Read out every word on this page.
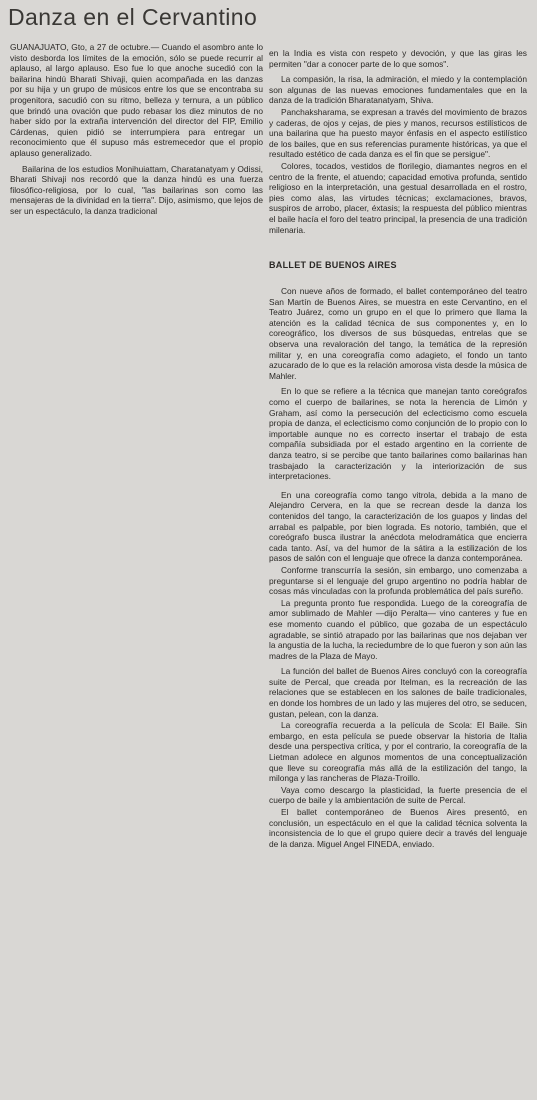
Danza en el Cervantino

GUANAJUATO, Gto, a 27 de octubre.— Cuando el asombro ante lo visto desborda los límites de la emoción, sólo se puede recurrir al aplauso, al largo aplauso. Eso fue lo que anoche sucedió con la bailarina hindú Bharati Shivaji, quien acompañada en las danzas por su hija y un grupo de músicos entre los que se encontraba su progenitora, sacudió con su ritmo, belleza y ternura, a un público que brindó una ovación que pudo rebasar los diez minutos de no haber sido por la extraña intervención del director del FIP, Emilio Cárdenas, quien pidió se interrumpiera para entregar un reconocimiento que él supuso más estremecedor que el propio aplauso generalizado.

Bailarina de los estudios Monihuiattam, Charatanatyam y Odissi, Bharati Shivaji nos recordó que la danza hindú es una fuerza filosófico-religiosa, por lo cual, "las bailarinas son como las mensajeras de la divinidad en la tierra". Dijo, asimismo, que lejos de ser un espectáculo, la danza tradicional

en la India es vista con respeto y devoción, y que las giras les permiten "dar a conocer parte de lo que somos".

La compasión, la risa, la admiración, el miedo y la contemplación son algunas de las nuevas emociones fundamentales que en la danza de la tradición Bharatanatyam, Shiva.

Panchaksharama, se expresan a través del movimiento de brazos y caderas, de ojos y cejas, de pies y manos, recursos estilísticos de una bailarina que ha puesto mayor énfasis en el aspecto estilístico de los bailes, que en sus referencias puramente históricas, ya que el resultado estético de cada danza es el fin que se persigue".

Colores, tocados, vestidos de floriIegio, diamantes negros en el centro de la frente, el atuendo; capacidad emotiva profunda, sentido religioso en la interpretación, una gestual desarrollada en el rostro, pies como alas, las virtudes técnicas; exclamaciones, bravos, suspiros de arrobo, placer, éxtasis; la respuesta del público mientras el baile hacía el foro del teatro principal, la presencia de una tradición milenaria.

BALLET DE BUENOS AIRES

Con nueve años de formado, el ballet contemporáneo del teatro San Martín de Buenos Aires, se muestra en este Cervantino, en el Teatro Juárez, como un grupo en el que lo primero que llama la atención es la calidad técnica de sus componentes y, en lo coreográfico, los diversos de sus búsquedas, entrelas que se observa una revaloración del tango, la temática de la represión militar y, en una coreografía como adagieto, el fondo un tanto azucarado de lo que es la relación amorosa vista desde la música de Mahler.

En lo que se refiere a la técnica que manejan tanto coreógrafos como el cuerpo de bailarines, se nota la herencia de Limón y Graham, así como la persecución del eclecticismo como escuela propia de danza, el eclecticismo como conjunción de lo propio con lo importable aunque no es correcto insertar el trabajo de esta compañía subsidiada por el estado argentino en la corriente de danza teatro, si se percibe que tanto bailarines como bailarinas han trasbajado la caracterización y la interiorización de sus interpretaciones.

En una coreografía como tango vitrola, debida a la mano de Alejandro Cervera, en la que se recrean desde la danza los contenidos del tango, la caracterización de los guapos y lindas del arrabal es palpable, por bien lograda. Es notorio, también, que el coreógrafo busca ilustrar la anécdota melodramática que encierra cada tanto. Así, va del humor de la sátira a la estilización de los pasos de salón con el lenguaje que ofrece la danza contemporánea.

Conforme transcurría la sesión, sin embargo, uno comenzaba a preguntarse si el lenguaje del grupo argentino no podría hablar de cosas más vinculadas con la profunda problemática del país sureño.

La pregunta pronto fue respondida. Luego de la coreografía de amor sublimado de Mahler —dijo Peralta— vino canteres y fue en ese momento cuando el público, que gozaba de un espectáculo agradable, se sintió atrapado por las bailarinas que nos dejaban ver la angustia de la lucha, la reciedumbre de lo que fueron y son aún las madres de la Plaza de Mayo.

La función del ballet de Buenos Aires concluyó con la coreografía suite de Percal, que creada por Itelman, es la recreación de las relaciones que se establecen en los salones de baile tradicionales, en donde los hombres de un lado y las mujeres del otro, se seducen, gustan, pelean, con la danza.

La coreografía recuerda a la película de Scola: El Baile. Sin embargo, en esta película se puede observar la historia de Italia desde una perspectiva crítica, y por el contrario, la coreografía de la Lietman adolece en algunos momentos de una conceptualización que lleve su coreografía más allá de la estilización del tango, la milonga y las rancheras de Plaza-Troillo.

Vaya como descargo la plasticidad, la fuerte presencia de el cuerpo de baile y la ambientación de suite de Percal.

El ballet contemporáneo de Buenos Aires presentó, en conclusión, un espectáculo en el que la calidad técnica solventa la inconsistencia de lo que el grupo quiere decir a través del lenguaje de la danza. Miguel Angel FINEDA, enviado.
